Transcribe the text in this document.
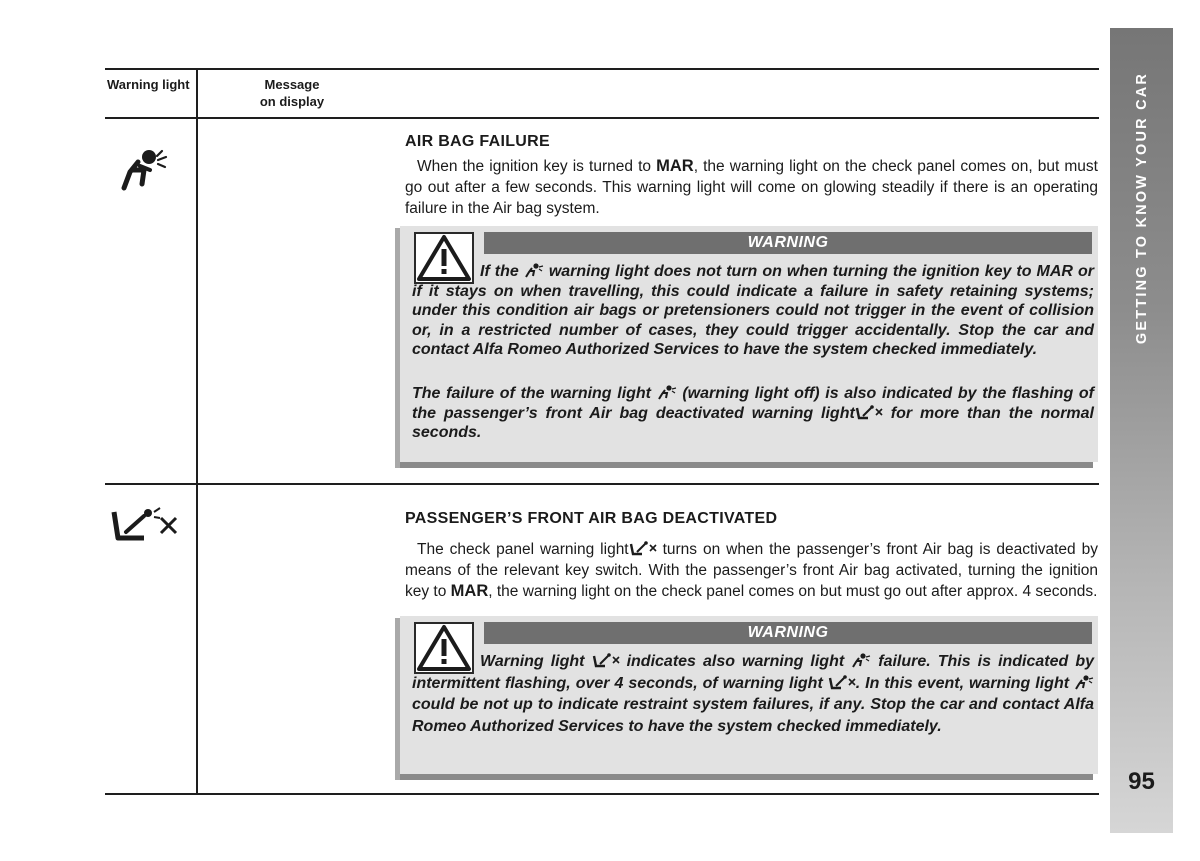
Warning light	Message
on display
AIR BAG FAILURE
When the ignition key is turned to MAR, the warning light on the check panel comes on, but must go out after a few seconds. This warning light will come on glowing steadily if there is an operating failure in the Air bag system.
WARNING
If the  warning light does not turn on when turning the ignition key to MAR or if it stays on when travelling, this could indicate a failure in safety retaining systems; under this condition air bags or pretensioners could not trigger in the event of collision or, in a restricted number of cases, they could trigger accidentally. Stop the car and contact Alfa Romeo Authorized Services to have the system checked immediately.
The failure of the warning light  (warning light off) is also indicated by the flashing of the passenger’s front Air bag deactivated warning light for more than the normal seconds.
PASSENGER’S FRONT AIR BAG DEACTIVATED
The check panel warning light turns on when the passenger’s front Air bag is deactivated by means of the relevant key switch. With the passenger’s front Air bag activated, turning the ignition key to MAR, the warning light on the check panel comes on but must go out after approx. 4 seconds.
WARNING
Warning light  indicates also warning light  failure. This is indicated by intermittent flashing, over 4 seconds, of warning light . In this event, warning light  could be not up to indicate restraint system failures, if any. Stop the car and contact Alfa Romeo Authorized Services to have the system checked immediately.
GETTING TO KNOW YOUR CAR
95
